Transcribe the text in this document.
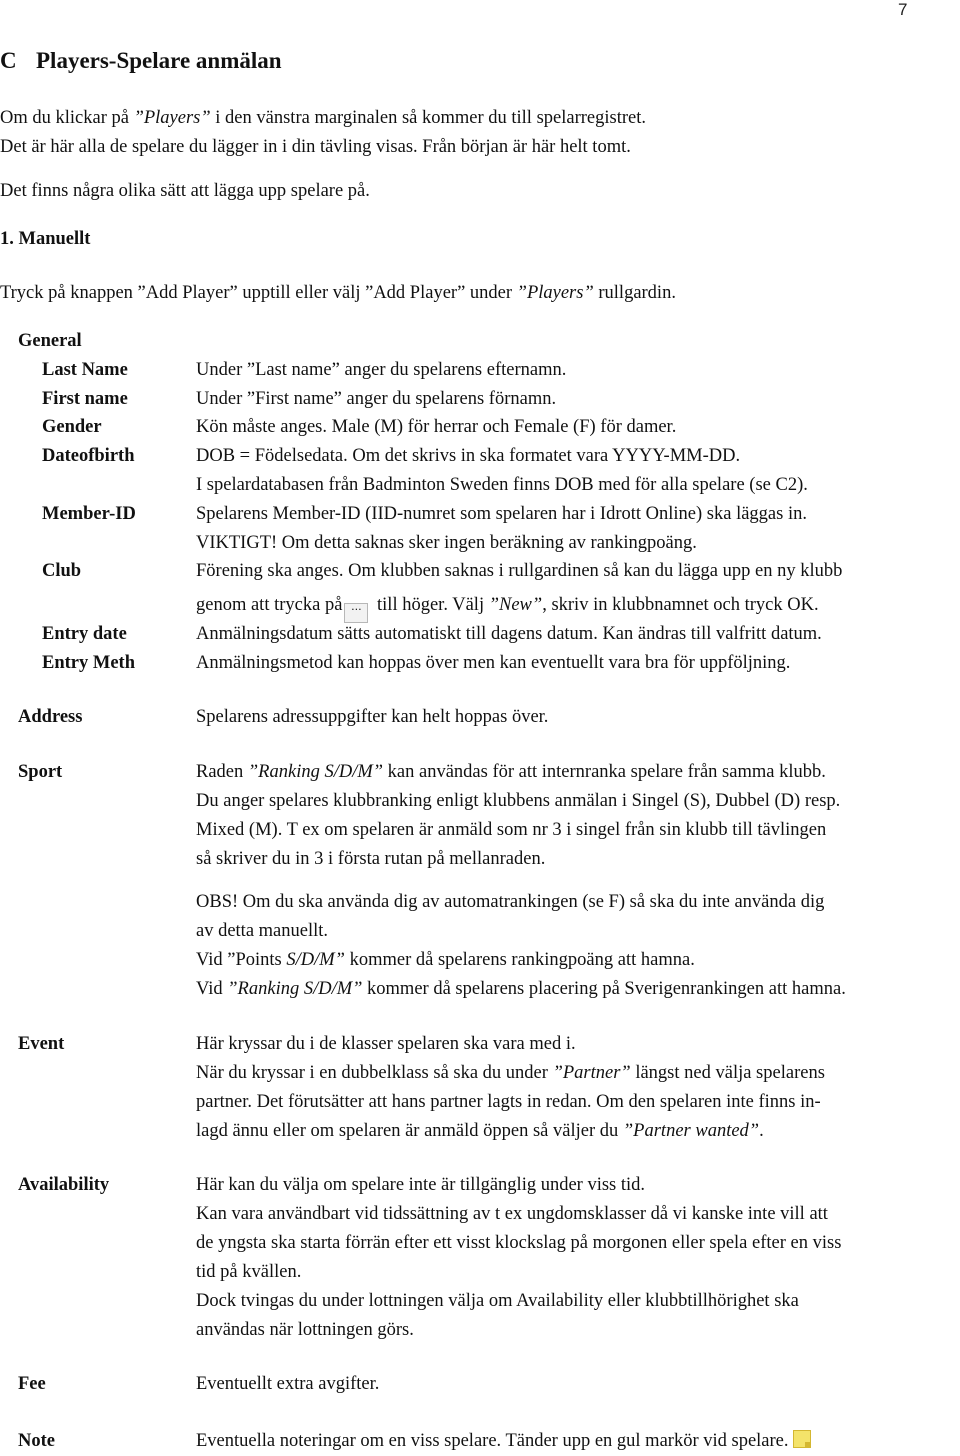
7
C Players-Spelare anmälan
Om du klickar på ”Players” i den vänstra marginalen så kommer du till spelarregistret.
Det är här alla de spelare du lägger in i din tävling visas. Från början är här helt tomt.
Det finns några olika sätt att lägga upp spelare på.
1. Manuellt
Tryck på knappen ”Add Player” upptill eller välj ”Add Player” under ”Players” rullgardin.
General
Last Name
First name
Gender
Dateofbirth
Member-ID
Club
Entry date
Entry Meth
Address
Sport
Event
Availability
Fee
Note
Under ”Last name” anger du spelarens efternamn.
Under ”First name” anger du spelarens förnamn.
Kön måste anges. Male (M) för herrar och Female (F) för damer.
DOB = Födelsedata. Om det skrivs in ska formatet vara YYYY-MM-DD.
I spelardatabasen från Badminton Sweden finns DOB med för alla spelare (se C2).
Spelarens Member-ID (IID-numret som spelaren har i Idrott Online) ska läggas in.
VIKTIGT! Om detta saknas sker ingen beräkning av rankingpoäng.
Förening ska anges. Om klubben saknas i rullgardinen så kan du lägga upp en ny klubb
genom att trycka på ··· till höger. Välj ”New”, skriv in klubbnamnet och tryck OK.
Anmälningsdatum sätts automatiskt till dagens datum. Kan ändras till valfritt datum.
Anmälningsmetod kan hoppas över men kan eventuellt vara bra för uppföljning.
Spelarens adressuppgifter kan helt hoppas över.
Raden ”Ranking S/D/M” kan användas för att internranka spelare från samma klubb.
Du anger spelares klubbranking enligt klubbens anmälan i Singel (S), Dubbel (D) resp.
Mixed (M). T ex om spelaren är anmäld som nr 3 i singel från sin klubb till tävlingen
så skriver du in 3 i första rutan på mellanraden.
OBS! Om du ska använda dig av automatrankingen (se F) så ska du inte använda dig
av detta manuellt.
Vid ”Points S/D/M” kommer då spelarens rankingpoäng att hamna.
Vid ”Ranking S/D/M” kommer då spelarens placering på Sverigenrankingen att hamna.
Här kryssar du i de klasser spelaren ska vara med i.
När du kryssar i en dubbelklass så ska du under ”Partner” längst ned välja spelarens
partner. Det förutsätter att hans partner lagts in redan. Om den spelaren inte finns in-
lagd ännu eller om spelaren är anmäld öppen så väljer du ”Partner wanted”.
Här kan du välja om spelare inte är tillgänglig under viss tid.
Kan vara användbart vid tidssättning av t ex ungdomsklasser då vi kanske inte vill att
de yngsta ska starta förrän efter ett visst klockslag på morgonen eller spela efter en viss
tid på kvällen.
Dock tvingas du under lottningen välja om Availability eller klubbtillhörighet ska
användas när lottningen görs.
Eventuellt extra avgifter.
Eventuella noteringar om en viss spelare. Tänder upp en gul markör vid spelare.
